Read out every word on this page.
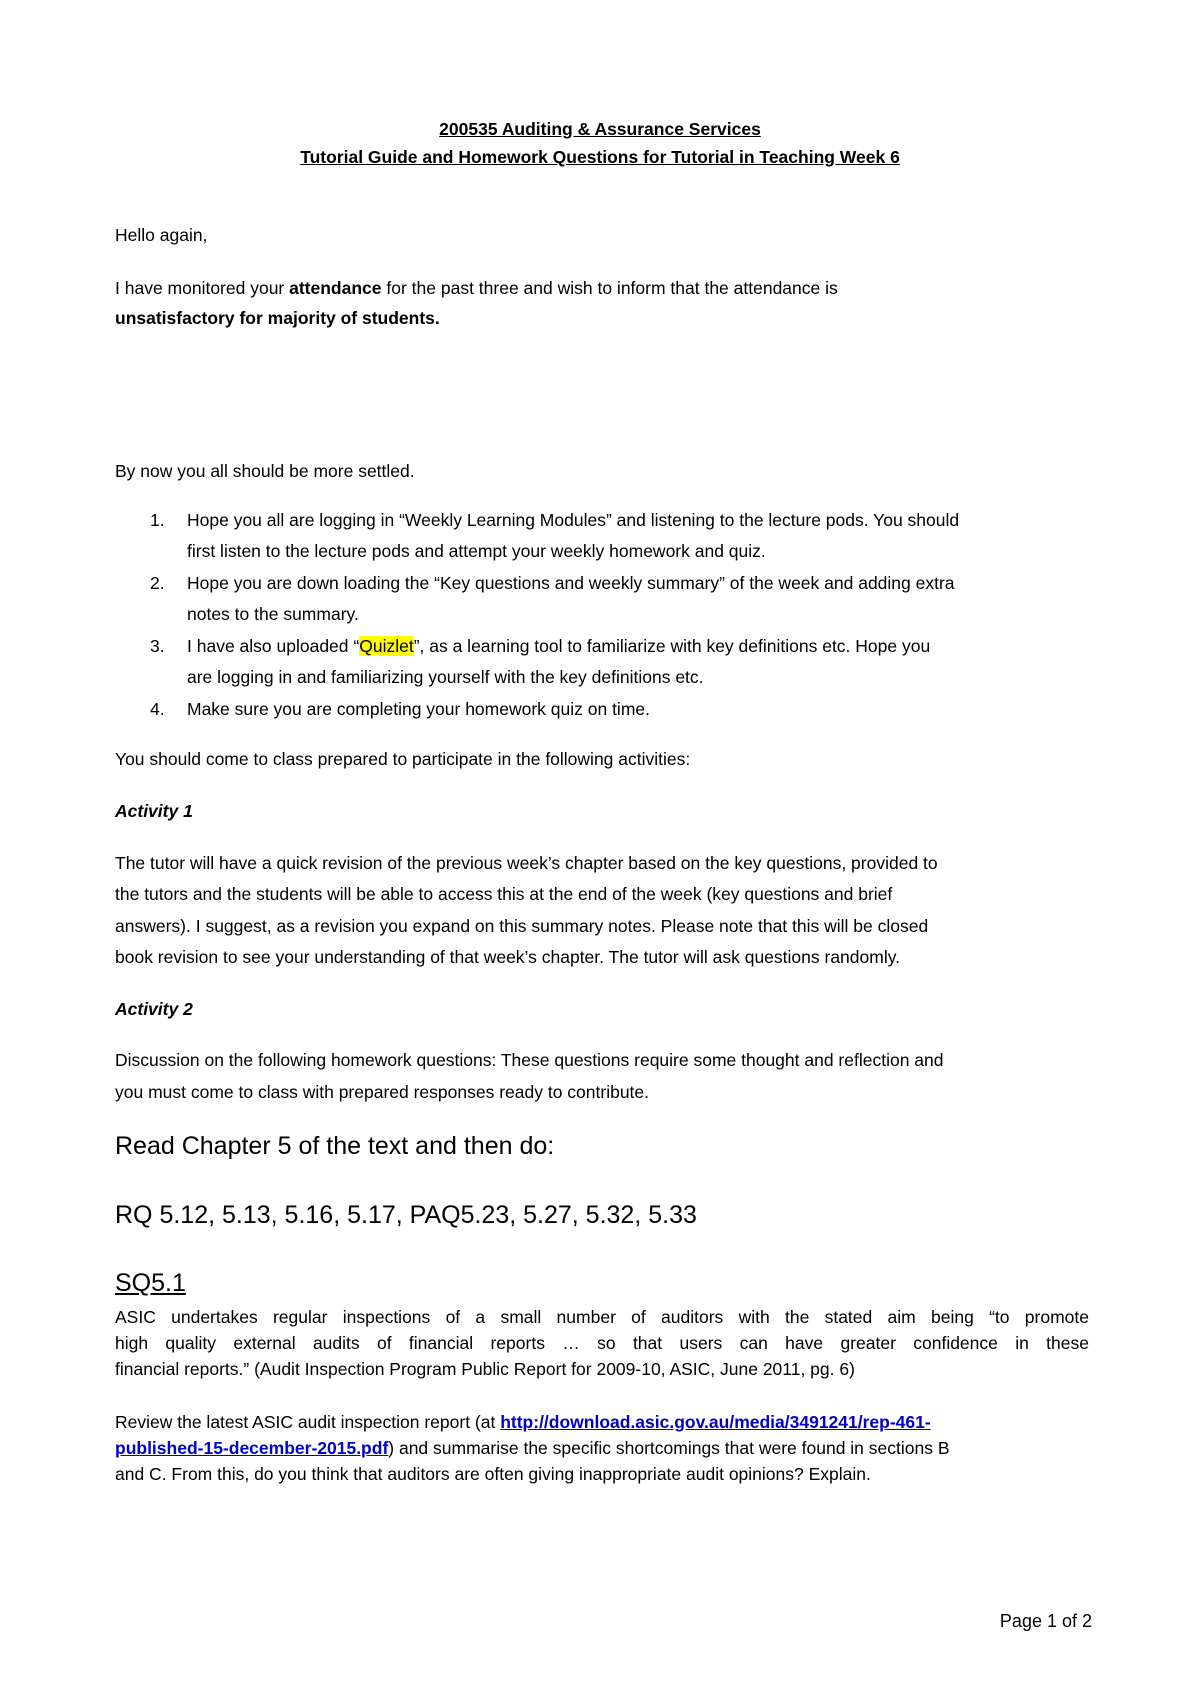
200535 Auditing & Assurance Services
Tutorial Guide and Homework Questions for Tutorial in Teaching Week 6
Hello again,
I have monitored your attendance for the past three and wish to inform that the attendance is
unsatisfactory for majority of students.
By now you all should be more settled.
1. Hope you all are logging in “Weekly Learning Modules” and listening to the lecture pods. You should
first listen to the lecture pods and attempt your weekly homework and quiz.
2. Hope you are down loading the “Key questions and weekly summary” of the week and adding extra
notes to the summary.
3. I have also uploaded “Quizlet”, as a learning tool to familiarize with key definitions etc. Hope you
are logging in and familiarizing yourself with the key definitions etc.
4. Make sure you are completing your homework quiz on time.
You should come to class prepared to participate in the following activities:
Activity 1
The tutor will have a quick revision of the previous week’s chapter based on the key questions, provided to
the tutors and the students will be able to access this at the end of the week (key questions and brief
answers). I suggest, as a revision you expand on this summary notes. Please note that this will be closed
book revision to see your understanding of that week’s chapter. The tutor will ask questions randomly.
Activity 2
Discussion on the following homework questions: These questions require some thought and reflection and
you must come to class with prepared responses ready to contribute.
Read Chapter 5 of the text and then do:
RQ 5.12, 5.13, 5.16, 5.17, PAQ5.23, 5.27, 5.32, 5.33
SQ5.1
ASIC undertakes regular inspections of a small number of auditors with the stated aim being “to promote
high quality external audits of financial reports … so that users can have greater confidence in these
financial reports.” (Audit Inspection Program Public Report for 2009-10, ASIC, June 2011, pg. 6)
Review the latest ASIC audit inspection report (at http://download.asic.gov.au/media/3491241/rep-461-
published-15-december-2015.pdf) and summarise the specific shortcomings that were found in sections B
and C. From this, do you think that auditors are often giving inappropriate audit opinions? Explain.
Page 1 of 2
